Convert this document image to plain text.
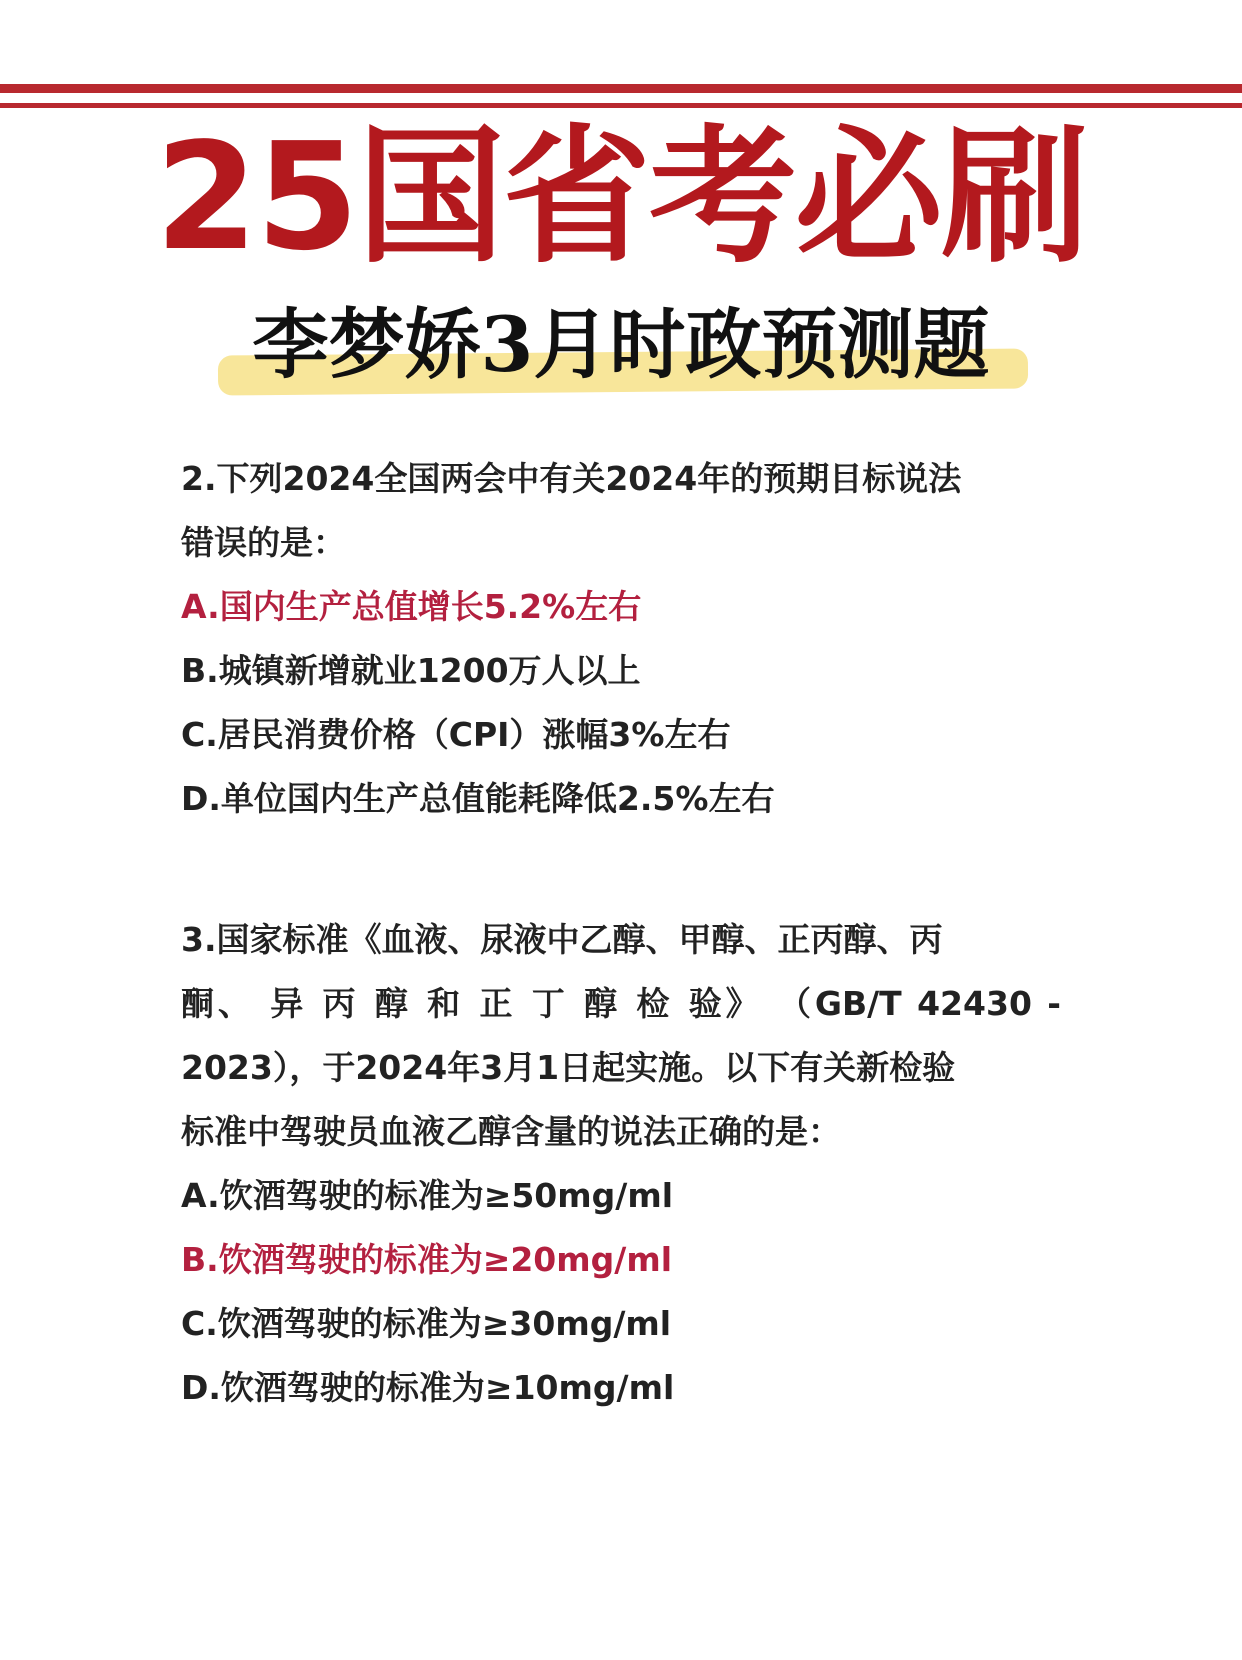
25国省考必刷
李梦娇3月时政预测题
2.下列2024全国两会中有关2024年的预期目标说法
错误的是：
A.国内生产总值增长5.2%左右
B.城镇新增就业1200万人以上
C.居民消费价格（CPI）涨幅3%左右
D.单位国内生产总值能耗降低2.5%左右
3.国家标准《血液、尿液中乙醇、甲醇、正丙醇、丙
酮、 异 丙 醇 和 正 丁 醇 检 验》 （GB/T 42430 -
2023），于2024年3月1日起实施。以下有关新检验
标准中驾驶员血液乙醇含量的说法正确的是：
A.饮酒驾驶的标准为≥50mg/ml
B.饮酒驾驶的标准为≥20mg/ml
C.饮酒驾驶的标准为≥30mg/ml
D.饮酒驾驶的标准为≥10mg/ml
